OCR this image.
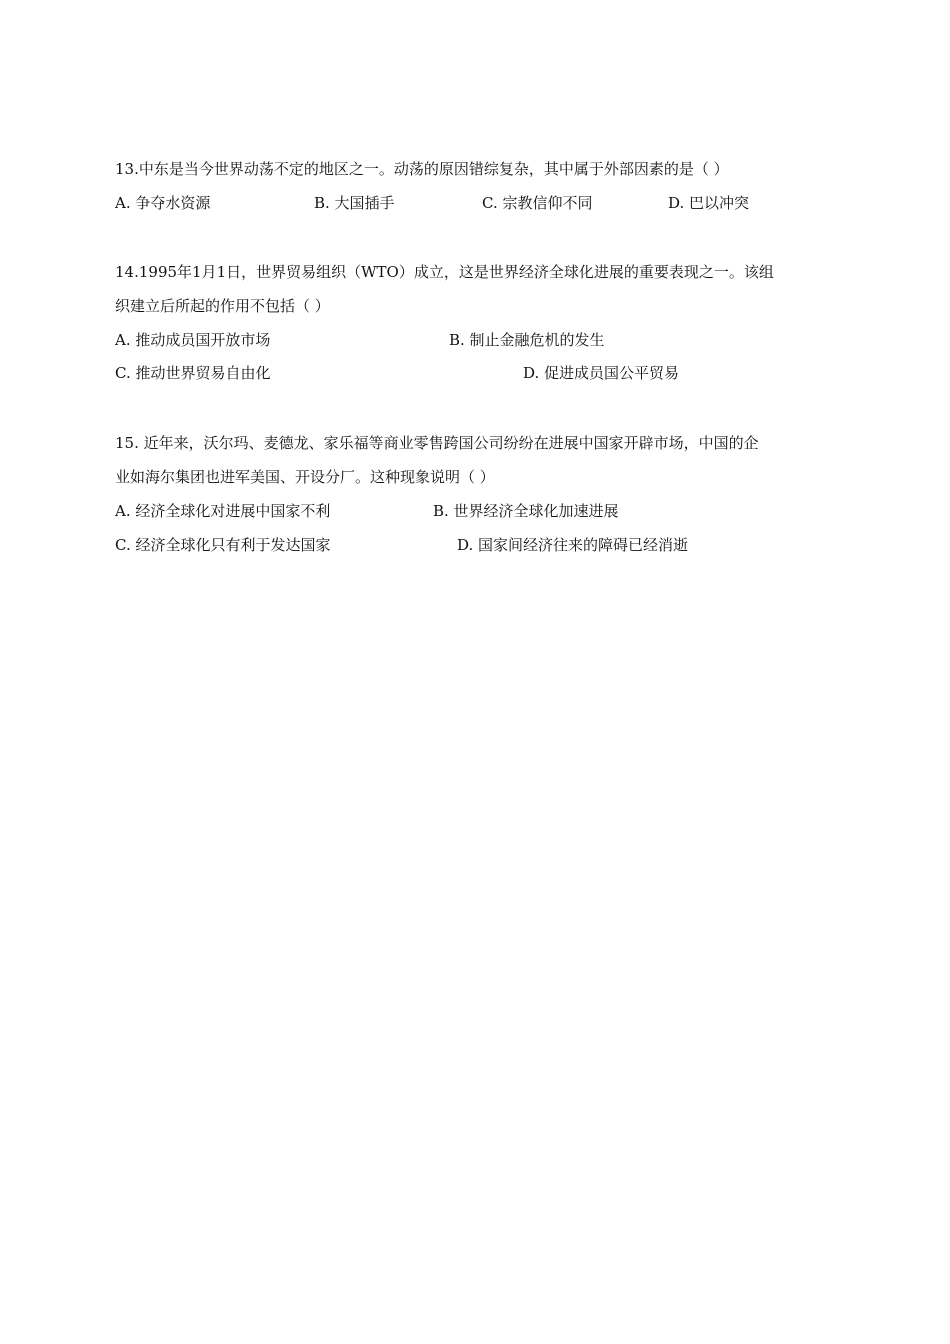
13.中东是当今世界动荡不定的地区之一。动荡的原因错综复杂，其中属于外部因素的是（ ）
A. 争夺水资源	B. 大国插手	C. 宗教信仰不同	D. 巴以冲突
14.1995年1月1日，世界贸易组织（WTO）成立，这是世界经济全球化进展的重要表现之一。该组
织建立后所起的作用不包括（ ）
A. 推动成员国开放市场	B. 制止金融危机的发生
C. 推动世界贸易自由化	D. 促进成员国公平贸易
15. 近年来，沃尔玛、麦德龙、家乐福等商业零售跨国公司纷纷在进展中国家开辟市场，中国的企
业如海尔集团也进军美国、开设分厂。这种现象说明（ ）
A. 经济全球化对进展中国家不利	B. 世界经济全球化加速进展
C. 经济全球化只有利于发达国家	D. 国家间经济往来的障碍已经消逝
